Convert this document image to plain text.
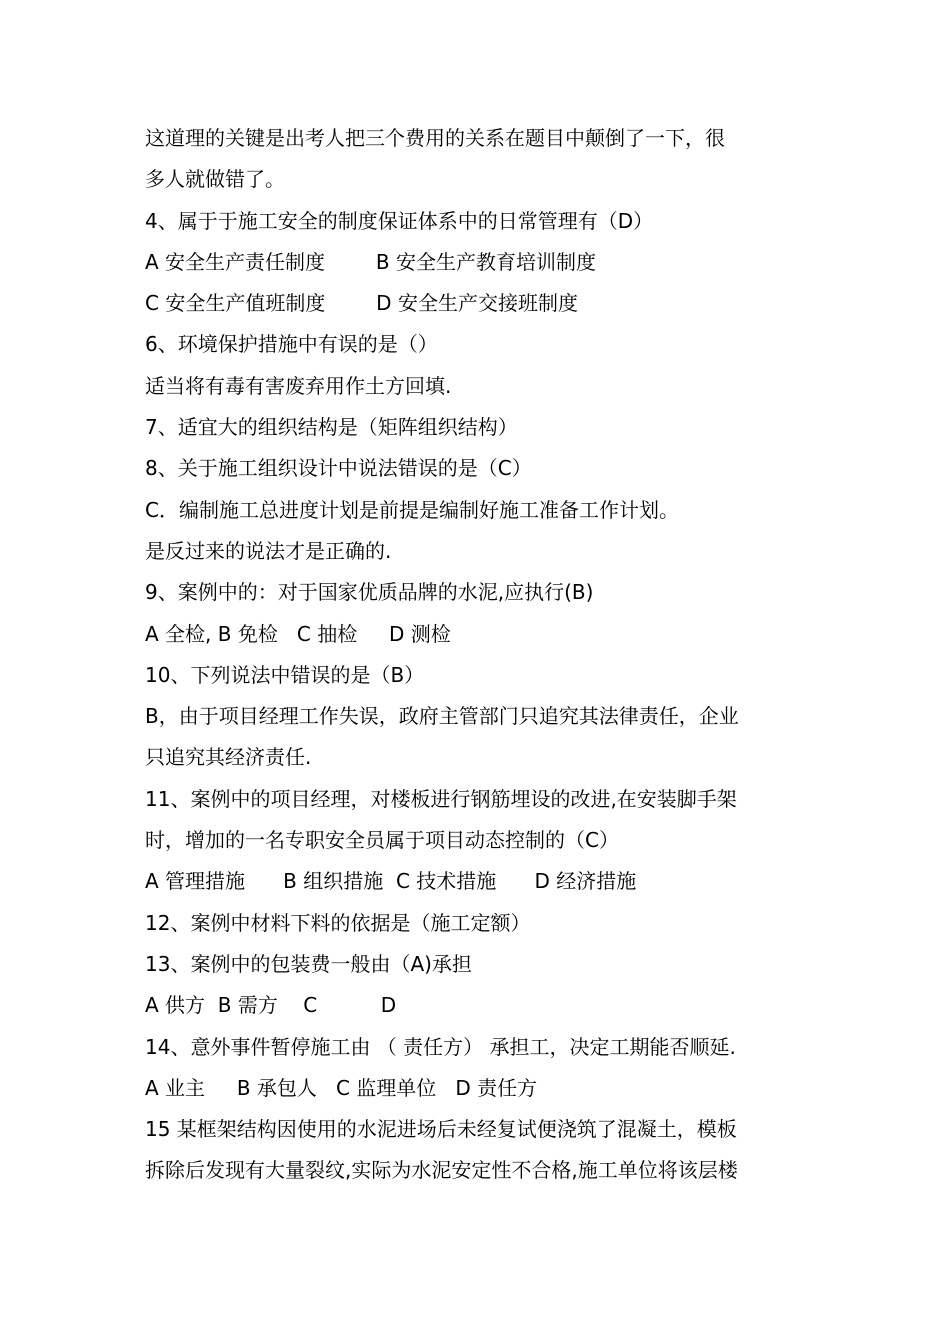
这道理的关键是出考人把三个费用的关系在题目中颠倒了一下，很
多人就做错了。
4、属于于施工安全的制度保证体系中的日常管理有（D）
A 安全生产责任制度        B 安全生产教育培训制度
C 安全生产值班制度        D 安全生产交接班制度
6、环境保护措施中有误的是（）
适当将有毒有害废弃用作土方回填.
7、适宜大的组织结构是（矩阵组织结构）
8、关于施工组织设计中说法错误的是（C）
C．编制施工总进度计划是前提是编制好施工准备工作计划。
是反过来的说法才是正确的.
9、案例中的：对于国家优质品牌的水泥,应执行(B)
A 全检, B 免检   C 抽检     D 测检
10、下列说法中错误的是（B）
B，由于项目经理工作失误，政府主管部门只追究其法律责任，企业
只追究其经济责任.
11、案例中的项目经理，对楼板进行钢筋埋设的改进,在安装脚手架
时，增加的一名专职安全员属于项目动态控制的（C）
A 管理措施      B 组织措施  C 技术措施      D 经济措施
12、案例中材料下料的依据是（施工定额）
13、案例中的包装费一般由（A)承担
A 供方  B 需方    C          D
14、意外事件暂停施工由 （ 责任方） 承担工，决定工期能否顺延.
A 业主     B 承包人   C 监理单位   D 责任方
15 某框架结构因使用的水泥进场后未经复试便浇筑了混凝土，模板
拆除后发现有大量裂纹,实际为水泥安定性不合格,施工单位将该层楼
